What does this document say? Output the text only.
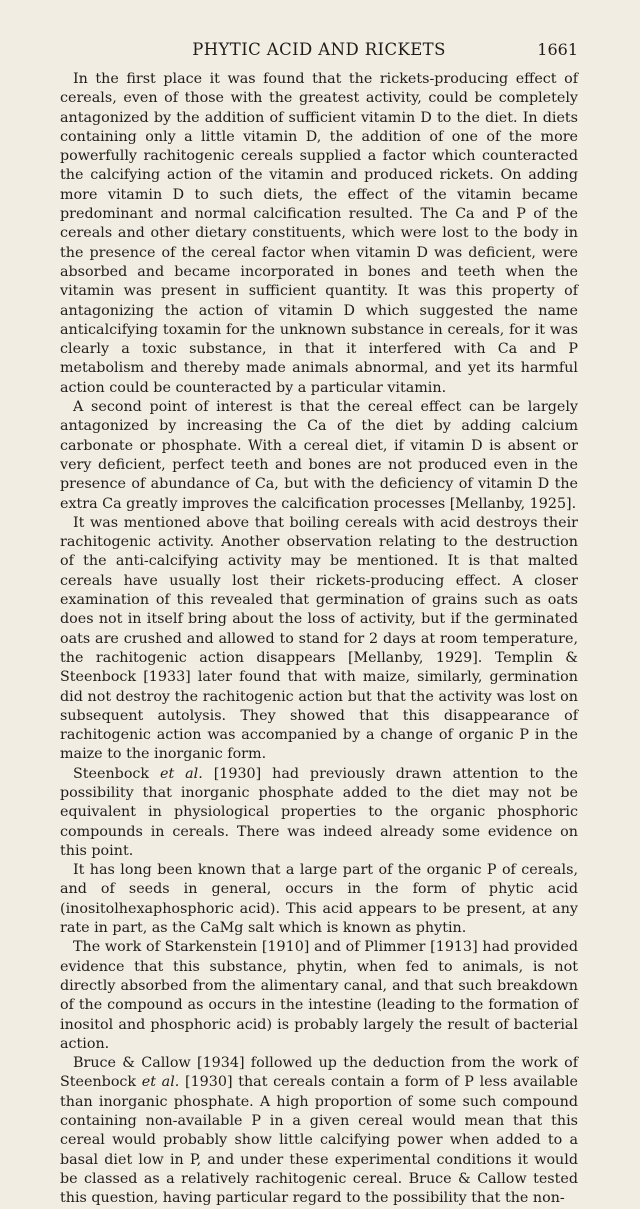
PHYTIC ACID AND RICKETS	1661

In the first place it was found that the rickets-producing effect of cereals, even of those with the greatest activity, could be completely antagonized by the addition of sufficient vitamin D to the diet. In diets containing only a little vitamin D, the addition of one of the more powerfully rachitogenic cereals supplied a factor which counteracted the calcifying action of the vitamin and produced rickets. On adding more vitamin D to such diets, the effect of the vitamin became predominant and normal calcification resulted. The Ca and P of the cereals and other dietary constituents, which were lost to the body in the presence of the cereal factor when vitamin D was deficient, were absorbed and became incorporated in bones and teeth when the vitamin was present in sufficient quantity. It was this property of antagonizing the action of vitamin D which suggested the name anticalcifying toxamin for the unknown substance in cereals, for it was clearly a toxic substance, in that it interfered with Ca and P metabolism and thereby made animals abnormal, and yet its harmful action could be counteracted by a particular vitamin.

A second point of interest is that the cereal effect can be largely antagonized by increasing the Ca of the diet by adding calcium carbonate or phosphate. With a cereal diet, if vitamin D is absent or very deficient, perfect teeth and bones are not produced even in the presence of abundance of Ca, but with the deficiency of vitamin D the extra Ca greatly improves the calcification processes [Mellanby, 1925].

It was mentioned above that boiling cereals with acid destroys their rachitogenic activity. Another observation relating to the destruction of the anti-calcifying activity may be mentioned. It is that malted cereals have usually lost their rickets-producing effect. A closer examination of this revealed that germination of grains such as oats does not in itself bring about the loss of activity, but if the germinated oats are crushed and allowed to stand for 2 days at room temperature, the rachitogenic action disappears [Mellanby, 1929]. Templin & Steenbock [1933] later found that with maize, similarly, germination did not destroy the rachitogenic action but that the activity was lost on subsequent autolysis. They showed that this disappearance of rachitogenic action was accompanied by a change of organic P in the maize to the inorganic form.

Steenbock et al. [1930] had previously drawn attention to the possibility that inorganic phosphate added to the diet may not be equivalent in physiological properties to the organic phosphoric compounds in cereals. There was indeed already some evidence on this point.

It has long been known that a large part of the organic P of cereals, and of seeds in general, occurs in the form of phytic acid (inositolhexaphosphoric acid). This acid appears to be present, at any rate in part, as the CaMg salt which is known as phytin.

The work of Starkenstein [1910] and of Plimmer [1913] had provided evidence that this substance, phytin, when fed to animals, is not directly absorbed from the alimentary canal, and that such breakdown of the compound as occurs in the intestine (leading to the formation of inositol and phosphoric acid) is probably largely the result of bacterial action.

Bruce & Callow [1934] followed up the deduction from the work of Steenbock et al. [1930] that cereals contain a form of P less available than inorganic phosphate. A high proportion of some such compound containing non-available P in a given cereal would mean that this cereal would probably show little calcifying power when added to a basal diet low in P, and under these experimental conditions it would be classed as a relatively rachitogenic cereal. Bruce & Callow tested this question, having particular regard to the possibility that the non-
